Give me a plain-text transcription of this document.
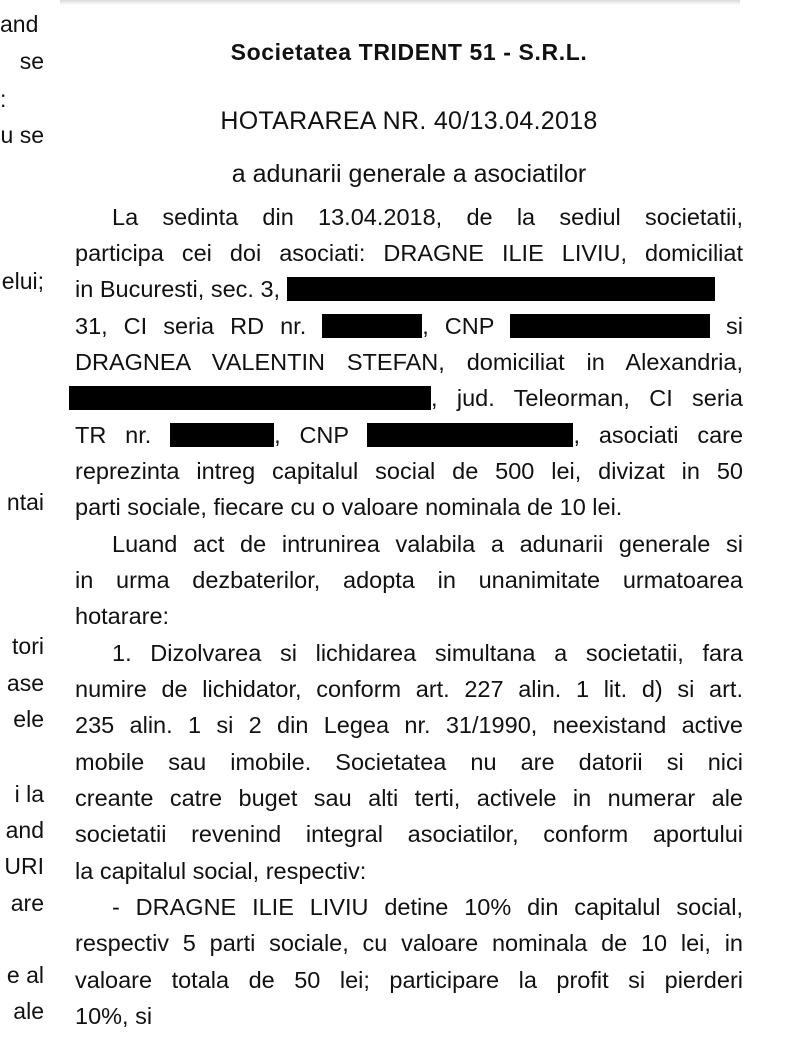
and
se
:
u se
elui;
ntai
tori
ase
ele
i la
and
URI
are
e al
ale
Societatea TRIDENT 51 - S.R.L.
HOTARAREA NR. 40/13.04.2018
a adunarii generale a asociatilor
La sedinta din 13.04.2018, de la sediul societatii,
participa cei doi asociati: DRAGNE ILIE LIVIU, domiciliat
in Bucuresti, sec. 3,
31, CI seria RD nr.	, CNP	si
DRAGNEA VALENTIN STEFAN, domiciliat in Alexandria,
, jud. Teleorman, CI seria
TR nr.	, CNP	, asociati care
reprezinta intreg capitalul social de 500 lei, divizat in 50
parti sociale, fiecare cu o valoare nominala de 10 lei.
Luand act de intrunirea valabila a adunarii generale si
in urma dezbaterilor, adopta in unanimitate urmatoarea
hotarare:
1. Dizolvarea si lichidarea simultana a societatii, fara
numire de lichidator, conform art. 227 alin. 1 lit. d) si art.
235 alin. 1 si 2 din Legea nr. 31/1990, neexistand active
mobile sau imobile. Societatea nu are datorii si nici
creante catre buget sau alti terti, activele in numerar ale
societatii revenind integral asociatilor, conform aportului
la capitalul social, respectiv:
- DRAGNE ILIE LIVIU detine 10% din capitalul social,
respectiv 5 parti sociale, cu valoare nominala de 10 lei, in
valoare totala de 50 lei; participare la profit si pierderi
10%, si
